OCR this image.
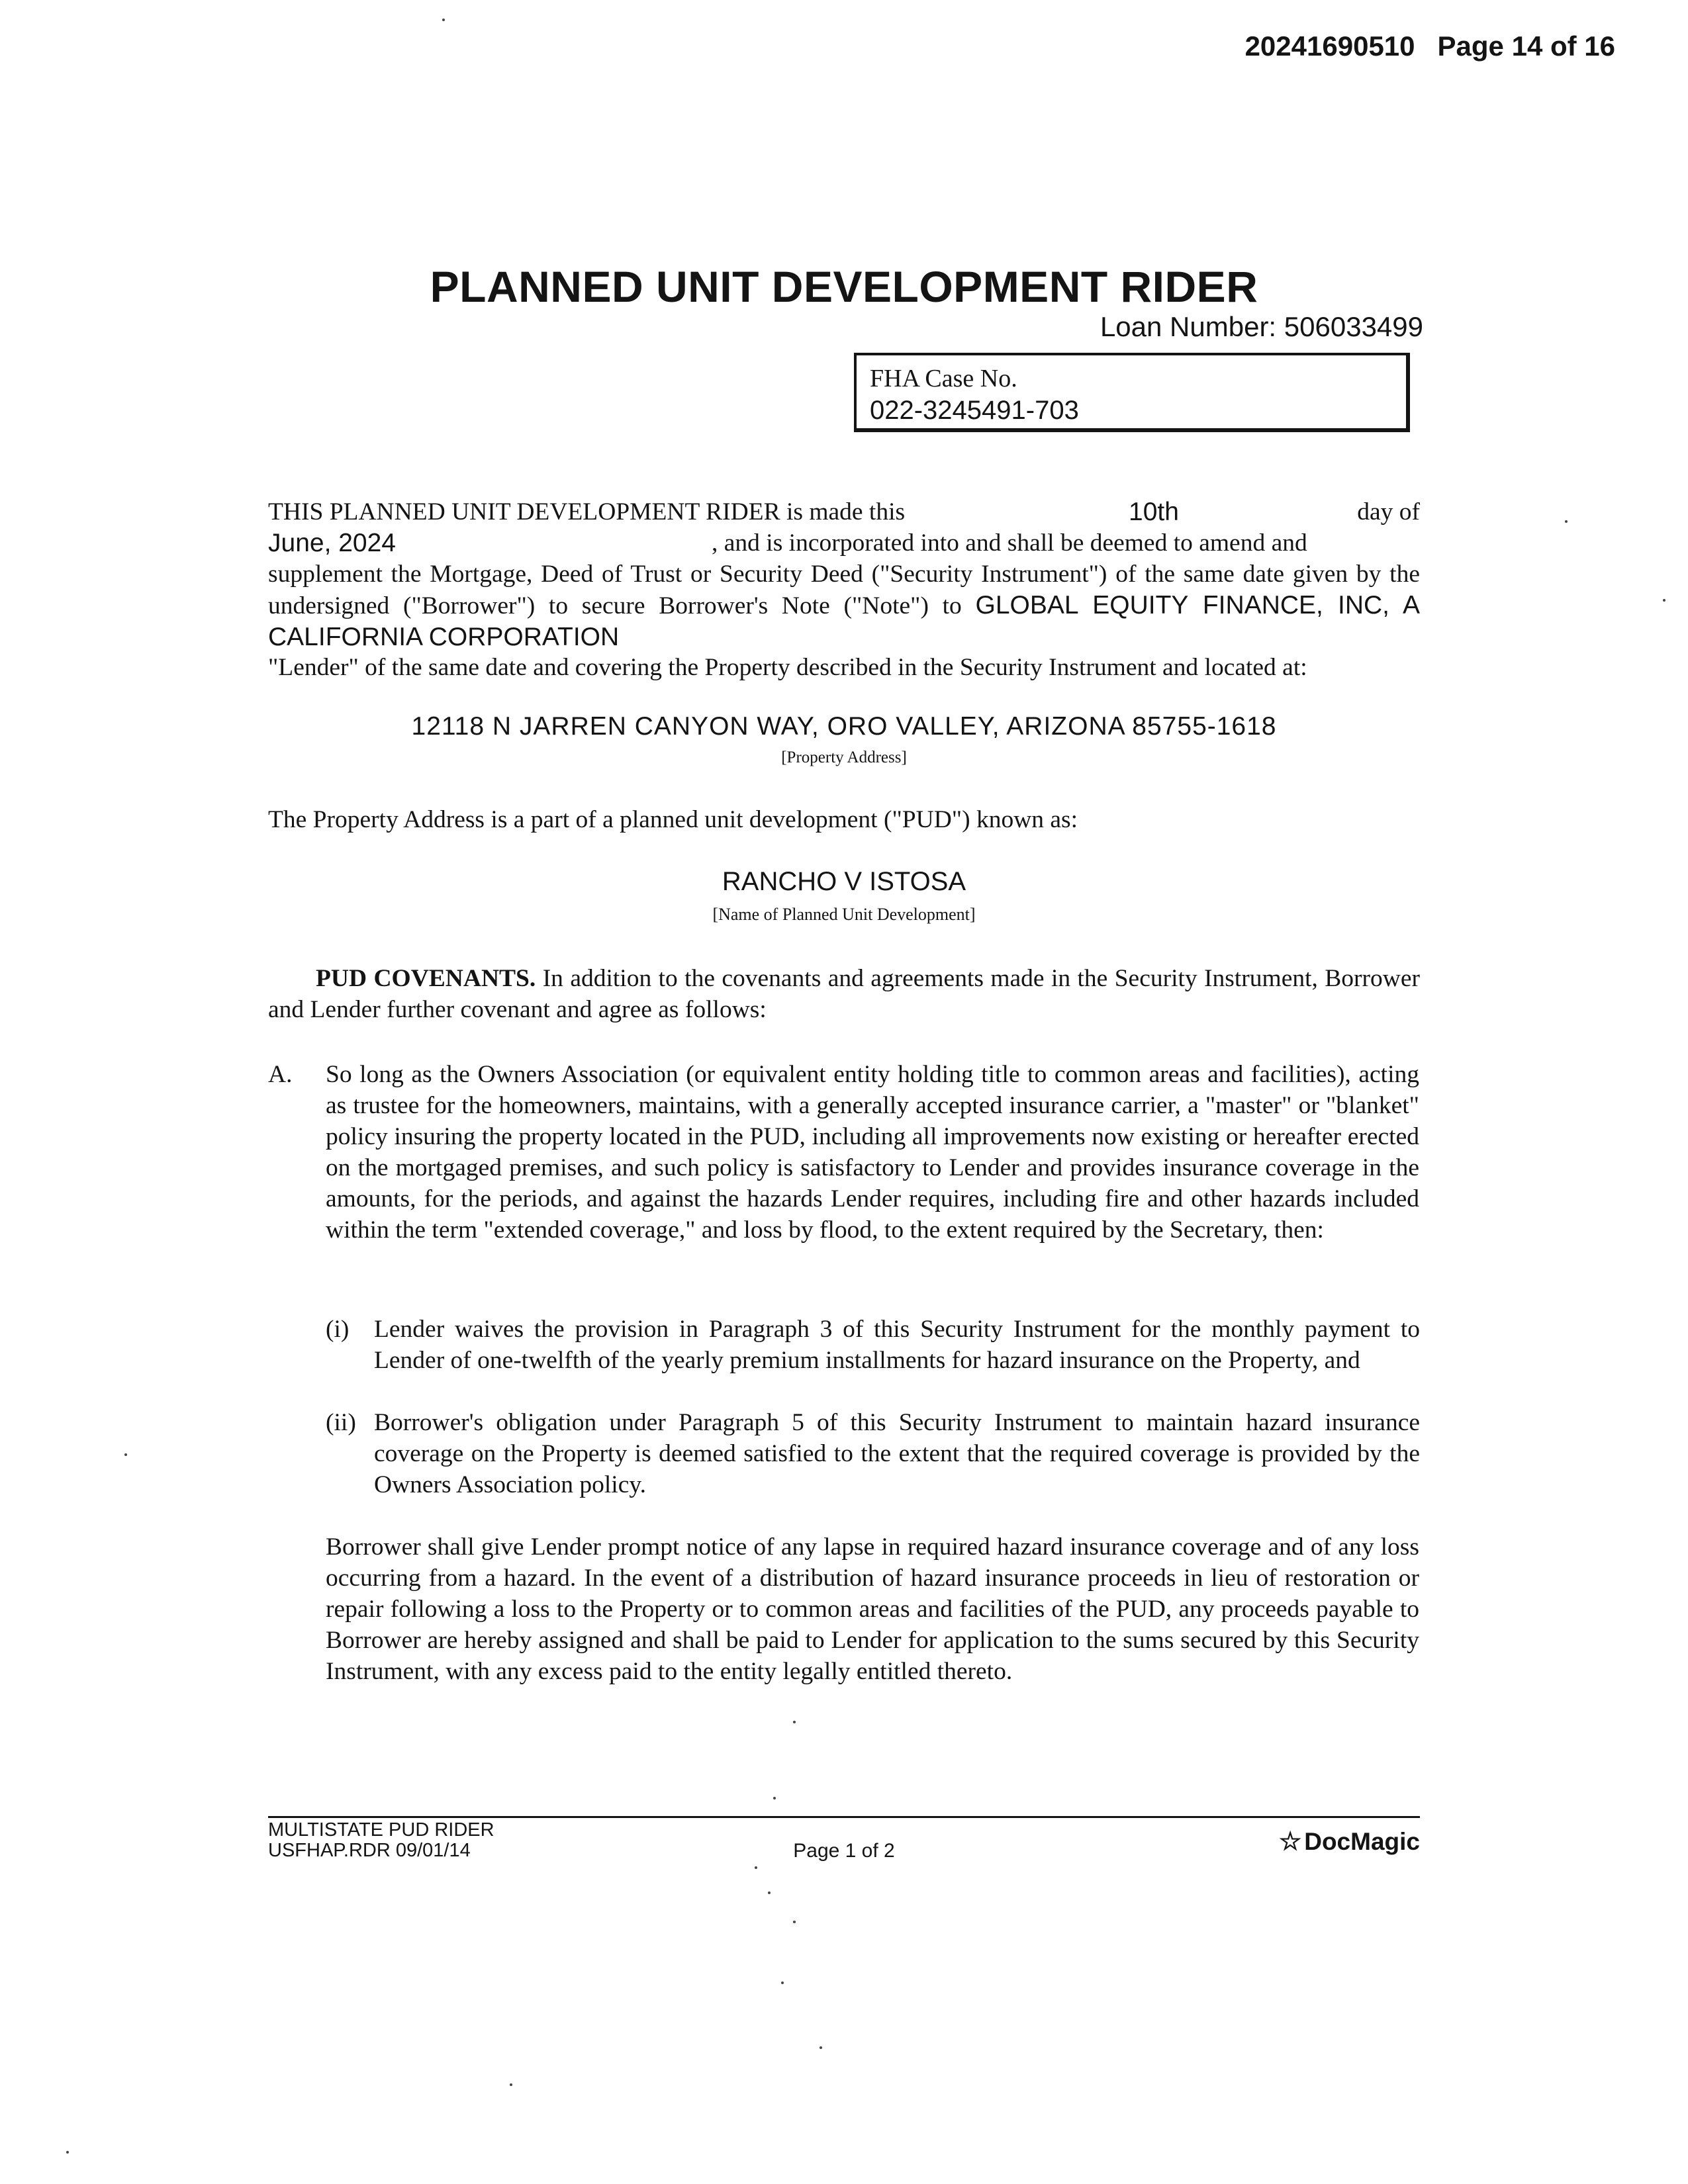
20241690510 Page 14 of 16
PLANNED UNIT DEVELOPMENT RIDER
Loan Number: 506033499
FHA Case No.
022-3245491-703
THIS PLANNED UNIT DEVELOPMENT RIDER is made this	10th	day of
June, 2024	, and is incorporated into and shall be deemed to amend and
supplement the Mortgage, Deed of Trust or Security Deed ("Security Instrument") of the same date given by the undersigned ("Borrower") to secure Borrower's Note ("Note") to GLOBAL EQUITY FINANCE, INC, A CALIFORNIA CORPORATION
"Lender" of the same date and covering the Property described in the Security Instrument and located at:
12118 N JARREN CANYON WAY, ORO VALLEY, ARIZONA 85755-1618
[Property Address]
The Property Address is a part of a planned unit development ("PUD") known as:
RANCHO V ISTOSA
[Name of Planned Unit Development]
PUD COVENANTS. In addition to the covenants and agreements made in the Security Instrument, Borrower and Lender further covenant and agree as follows:
A. So long as the Owners Association (or equivalent entity holding title to common areas and facilities), acting as trustee for the homeowners, maintains, with a generally accepted insurance carrier, a "master" or "blanket" policy insuring the property located in the PUD, including all improvements now existing or hereafter erected on the mortgaged premises, and such policy is satisfactory to Lender and provides insurance coverage in the amounts, for the periods, and against the hazards Lender requires, including fire and other hazards included within the term "extended coverage," and loss by flood, to the extent required by the Secretary, then:
(i) Lender waives the provision in Paragraph 3 of this Security Instrument for the monthly payment to Lender of one-twelfth of the yearly premium installments for hazard insurance on the Property, and
(ii) Borrower's obligation under Paragraph 5 of this Security Instrument to maintain hazard insurance coverage on the Property is deemed satisfied to the extent that the required coverage is provided by the Owners Association policy.
Borrower shall give Lender prompt notice of any lapse in required hazard insurance coverage and of any loss occurring from a hazard. In the event of a distribution of hazard insurance proceeds in lieu of restoration or repair following a loss to the Property or to common areas and facilities of the PUD, any proceeds payable to Borrower are hereby assigned and shall be paid to Lender for application to the sums secured by this Security Instrument, with any excess paid to the entity legally entitled thereto.
MULTISTATE PUD RIDER
USFHAP.RDR 09/01/14	Page 1 of 2	☆ DocMagic
